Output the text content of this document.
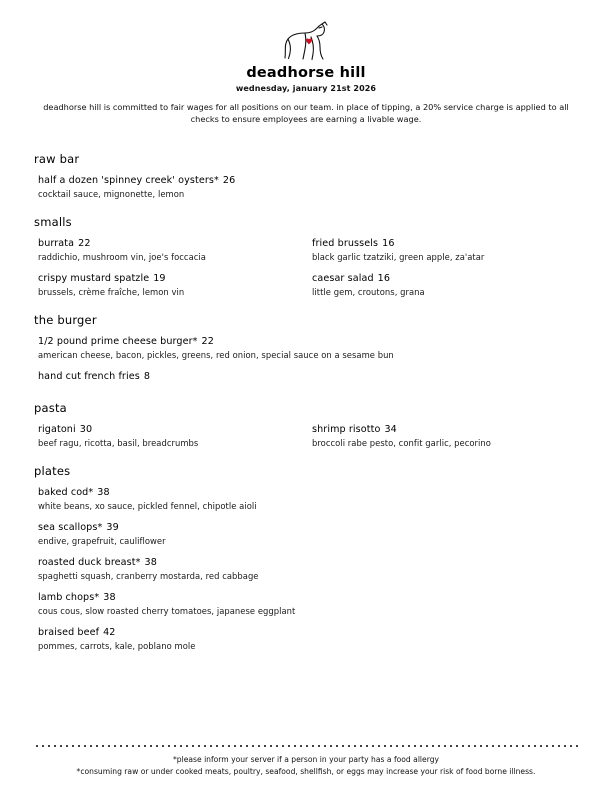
deadhorse hill
wednesday, january 21st 2026
deadhorse hill is committed to fair wages for all positions on our team. in place of tipping, a 20% service charge is applied to all checks to ensure employees are earning a livable wage.
raw bar
half a dozen 'spinney creek' oysters* 26
cocktail sauce, mignonette, lemon
smalls
burrata 22
raddichio, mushroom vin, joe's foccacia
crispy mustard spatzle 19
brussels, crème fraîche, lemon vin
fried brussels 16
black garlic tzatziki, green apple, za'atar
caesar salad 16
little gem, croutons, grana
the burger
1/2 pound prime cheese burger* 22
american cheese, bacon, pickles, greens, red onion, special sauce on a sesame bun
hand cut french fries 8
pasta
rigatoni 30
beef ragu, ricotta, basil, breadcrumbs
shrimp risotto 34
broccoli rabe pesto, confit garlic, pecorino
plates
baked cod* 38
white beans, xo sauce, pickled fennel, chipotle aioli
sea scallops* 39
endive, grapefruit, cauliflower
roasted duck breast* 38
spaghetti squash, cranberry mostarda, red cabbage
lamb chops* 38
cous cous, slow roasted cherry tomatoes, japanese eggplant
braised beef 42
pommes, carrots, kale, poblano mole
*please inform your server if a person in your party has a food allergy
*consuming raw or under cooked meats, poultry, seafood, shellfish, or eggs may increase your risk of food borne illness.
